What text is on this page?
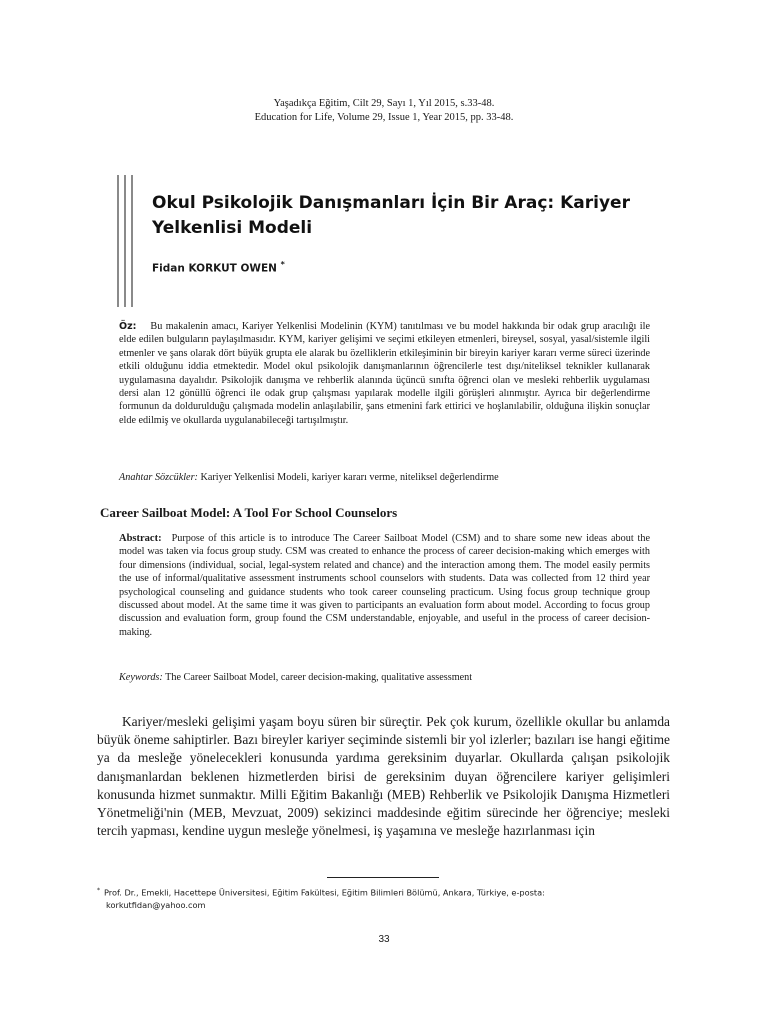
Yaşadıkça Eğitim, Cilt 29, Sayı 1, Yıl 2015, s.33-48.
Education for Life, Volume 29, Issue 1, Year 2015, pp. 33-48.
Okul Psikolojik Danışmanları İçin Bir Araç: Kariyer Yelkenlisi Modeli
Fidan KORKUT OWEN *
Öz: Bu makalenin amacı, Kariyer Yelkenlisi Modelinin (KYM) tanıtılması ve bu model hakkında bir odak grup aracılığı ile elde edilen bulguların paylaşılmasıdır. KYM, kariyer gelişimi ve seçimi etkileyen etmenleri, bireysel, sosyal, yasal/sistemle ilgili etmenler ve şans olarak dört büyük grupta ele alarak bu özelliklerin etkileşiminin bir bireyin kariyer kararı verme süreci üzerinde etkili olduğunu iddia etmektedir. Model okul psikolojik danışmanlarının öğrencilerle test dışı/niteliksel teknikler kullanarak uygulamasına dayalıdır. Psikolojik danışma ve rehberlik alanında üçüncü sınıfta öğrenci olan ve mesleki rehberlik uygulaması dersi alan 12 gönüllü öğrenci ile odak grup çalışması yapılarak modelle ilgili görüşleri alınmıştır. Ayrıca bir değerlendirme formunun da doldurulduğu çalışmada modelin anlaşılabilir, şans etmenini fark ettirici ve hoşlanılabilir, olduğuna ilişkin sonuçlar elde edilmiş ve okullarda uygulanabileceği tartışılmıştır.
Anahtar Sözcükler: Kariyer Yelkenlisi Modeli, kariyer kararı verme, niteliksel değerlendirme
Career Sailboat Model: A Tool For School Counselors
Abstract: Purpose of this article is to introduce The Career Sailboat Model (CSM) and to share some new ideas about the model was taken via focus group study. CSM was created to enhance the process of career decision-making which emerges with four dimensions (individual, social, legal-system related and chance) and the interaction among them. The model easily permits the use of informal/qualitative assessment instruments school counselors with students. Data was collected from 12 third year psychological counseling and guidance students who took career counseling practicum. Using focus group technique group discussed about model. At the same time it was given to participants an evaluation form about model. According to focus group discussion and evaluation form, group found the CSM understandable, enjoyable, and useful in the process of career decision-making.
Keywords: The Career Sailboat Model, career decision-making, qualitative assessment

Kariyer/mesleki gelişimi yaşam boyu süren bir süreçtir. Pek çok kurum, özellikle okullar bu anlamda büyük öneme sahiptirler. Bazı bireyler kariyer seçiminde sistemli bir yol izlerler; bazıları ise hangi eğitime ya da mesleğe yönelecekleri konusunda yardıma gereksinim duyarlar. Okullarda çalışan psikolojik danışmanlardan beklenen hizmetlerden birisi de gereksinim duyan öğrencilere kariyer gelişimleri konusunda hizmet sunmaktır. Milli Eğitim Bakanlığı (MEB) Rehberlik ve Psikolojik Danışma Hizmetleri Yönetmeliği'nin (MEB, Mevzuat, 2009) sekizinci maddesinde eğitim sürecinde her öğrenciye; mesleki tercih yapması, kendine uygun mesleğe yönelmesi, iş yaşamına ve mesleğe hazırlanması için

* Prof. Dr., Emekli, Hacettepe Üniversitesi, Eğitim Fakültesi, Eğitim Bilimleri Bölümü, Ankara, Türkiye, e-posta:
korkutfidan@yahoo.com
33
